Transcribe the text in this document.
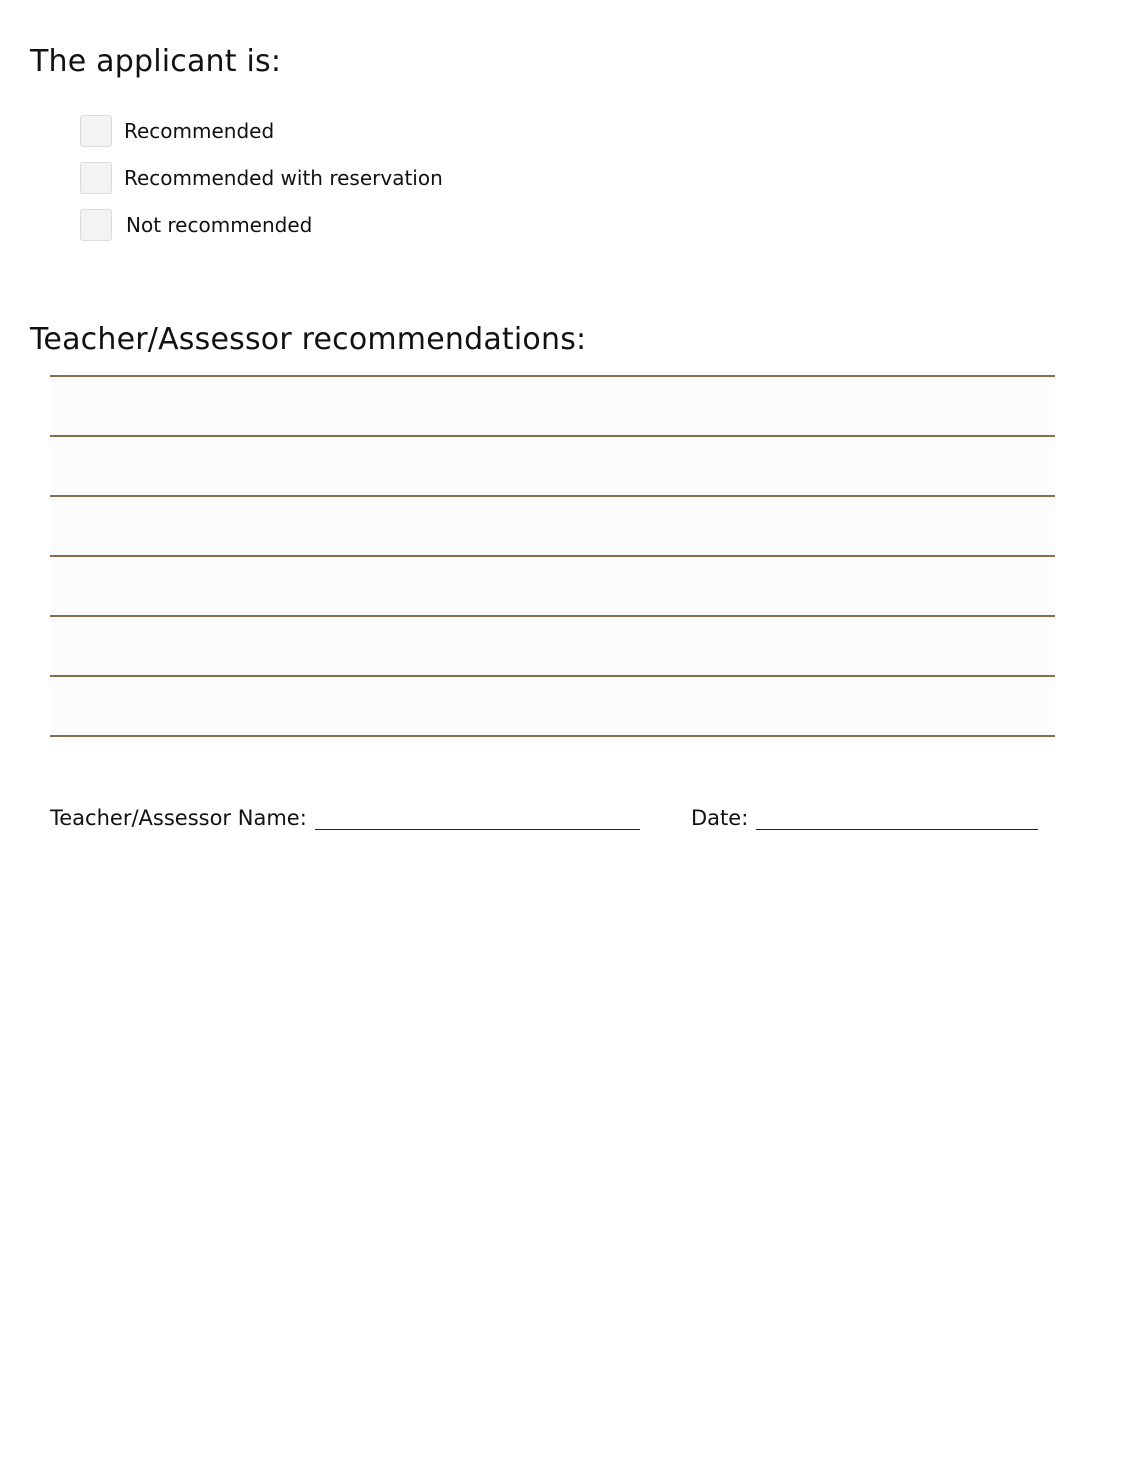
The applicant is:
Recommended
Recommended with reservation
Not recommended
Teacher/Assessor recommendations:
Teacher/Assessor Name:	Date:
